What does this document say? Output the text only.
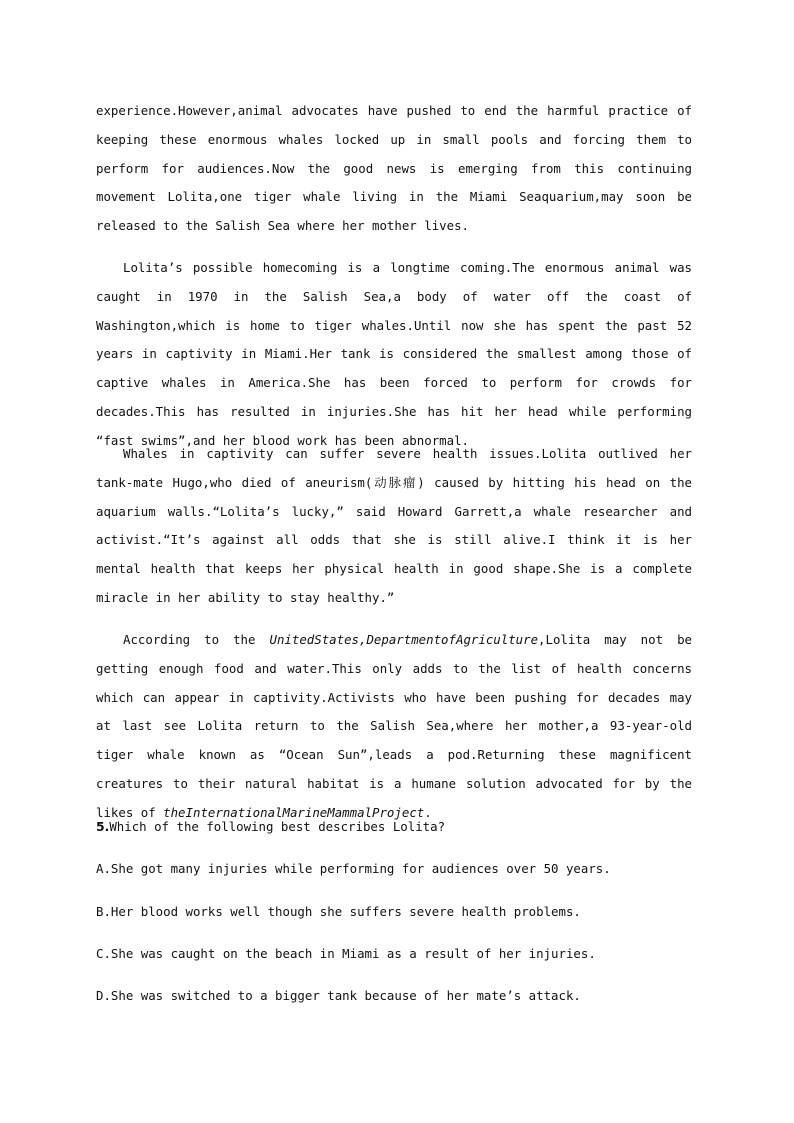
experience.However,animal advocates have pushed to end the harmful practice of keeping these enormous whales locked up in small pools and forcing them to perform for audiences.Now the good news is emerging from this continuing movement Lolita,one tiger whale living in the Miami Seaquarium,may soon be released to the Salish Sea where her mother lives.

Lolita’s possible homecoming is a longtime coming.The enormous animal was caught in 1970 in the Salish Sea,a body of water off the coast of Washington,which is home to tiger whales.Until now she has spent the past 52 years in captivity in Miami.Her tank is considered the smallest among those of captive whales in America.She has been forced to perform for crowds for decades.This has resulted in injuries.She has hit her head while performing “fast swims”,and her blood work has been abnormal.

Whales in captivity can suffer severe health issues.Lolita outlived her tank-mate Hugo,who died of aneurism(动脉瘤) caused by hitting his head on the aquarium walls.“Lolita’s lucky,” said Howard Garrett,a whale researcher and activist.“It’s against all odds that she is still alive.I think it is her mental health that keeps her physical health in good shape.She is a complete miracle in her ability to stay healthy.”

According to the UnitedStates,DepartmentofAgriculture,Lolita may not be getting enough food and water.This only adds to the list of health concerns which can appear in captivity.Activists who have been pushing for decades may at last see Lolita return to the Salish Sea,where her mother,a 93-year-old tiger whale known as “Ocean Sun”,leads a pod.Returning these magnificent creatures to their natural habitat is a humane solution advocated for by the likes of theInternationalMarineMammalProject.

5.Which of the following best describes Lolita?

A.She got many injuries while performing for audiences over 50 years.

B.Her blood works well though she suffers severe health problems.

C.She was caught on the beach in Miami as a result of her injuries.

D.She was switched to a bigger tank because of her mate’s attack.
